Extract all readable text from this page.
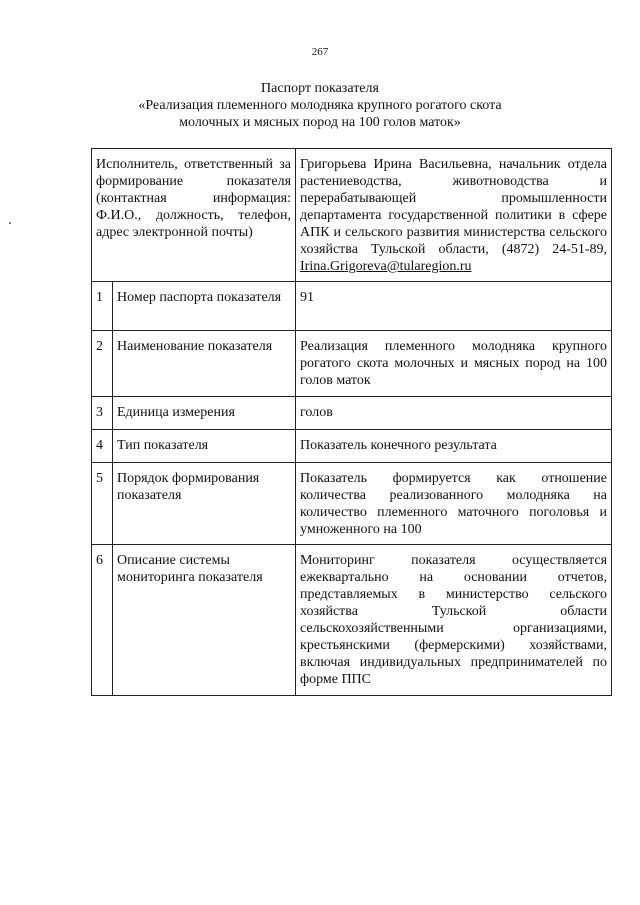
267
Паспорт показателя
«Реализация племенного молодняка крупного рогатого скота
молочных и мясных пород на 100 голов маток»
Исполнитель, ответственный за формирование показателя (контактная информация: Ф.И.О., должность, телефон, адрес электронной почты)		Григорьева Ирина Васильевна, начальник отдела растениеводства, животноводства и перерабатывающей промышленности департамента государственной политики в сфере АПК и сельского развития министерства сельского хозяйства Тульской области, (4872) 24-51-89, Irina.Grigoreva@tularegion.ru
1	Номер паспорта показателя	91
2	Наименование показателя	Реализация племенного молодняка крупного рогатого скота молочных и мясных пород на 100 голов маток
3	Единица измерения	голов
4	Тип показателя	Показатель конечного результата
5	Порядок формирования показателя	Показатель формируется как отношение количества реализованного молодняка на количество племенного маточного поголовья и умноженного на 100
6	Описание системы мониторинга показателя	Мониторинг показателя осуществляется ежеквартально на основании отчетов, представляемых в министерство сельского хозяйства Тульской области сельскохозяйственными организациями, крестьянскими (фермерскими) хозяйствами, включая индивидуальных предпринимателей по форме ППС
